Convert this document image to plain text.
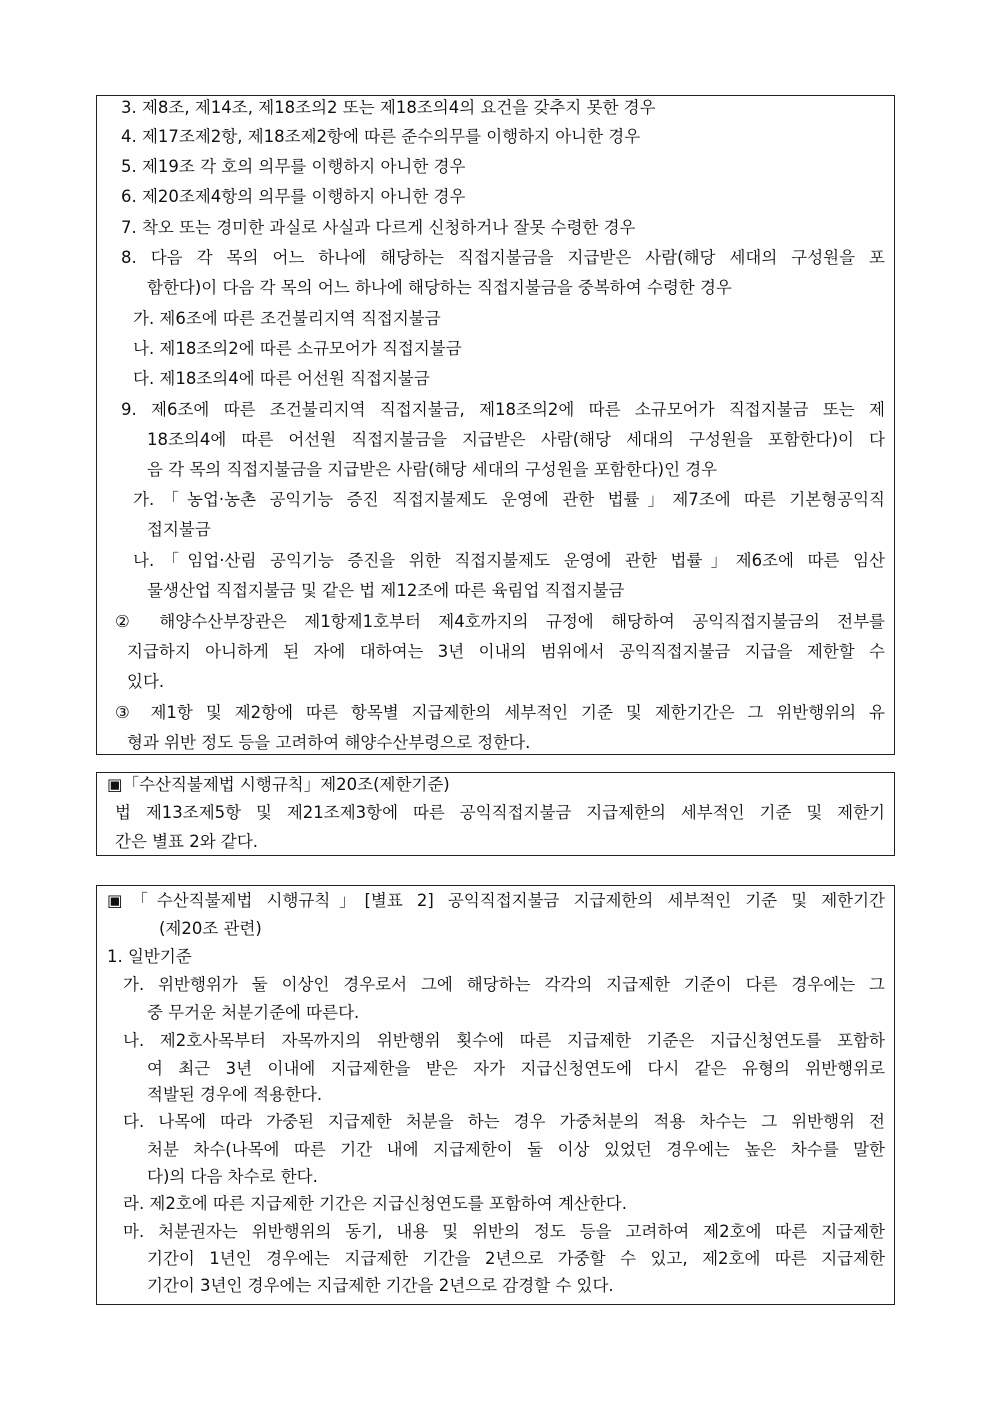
3. 제8조, 제14조, 제18조의2 또는 제18조의4의 요건을 갖추지 못한 경우
4. 제17조제2항, 제18조제2항에 따른 준수의무를 이행하지 아니한 경우
5. 제19조 각 호의 의무를 이행하지 아니한 경우
6. 제20조제4항의 의무를 이행하지 아니한 경우
7. 착오 또는 경미한 과실로 사실과 다르게 신청하거나 잘못 수령한 경우
8. 다음 각 목의 어느 하나에 해당하는 직접지불금을 지급받은 사람(해당 세대의 구성원을 포
함한다)이 다음 각 목의 어느 하나에 해당하는 직접지불금을 중복하여 수령한 경우
가. 제6조에 따른 조건불리지역 직접지불금
나. 제18조의2에 따른 소규모어가 직접지불금
다. 제18조의4에 따른 어선원 직접지불금
9. 제6조에 따른 조건불리지역 직접지불금, 제18조의2에 따른 소규모어가 직접지불금 또는 제
18조의4에 따른 어선원 직접지불금을 지급받은 사람(해당 세대의 구성원을 포함한다)이 다
음 각 목의 직접지불금을 지급받은 사람(해당 세대의 구성원을 포함한다)인 경우
가.「농업·농촌 공익기능 증진 직접지불제도 운영에 관한 법률」제7조에 따른 기본형공익직
접지불금
나.「임업·산림 공익기능 증진을 위한 직접지불제도 운영에 관한 법률」제6조에 따른 임산
물생산업 직접지불금 및 같은 법 제12조에 따른 육림업 직접지불금
② 해양수산부장관은 제1항제1호부터 제4호까지의 규정에 해당하여 공익직접지불금의 전부를
지급하지 아니하게 된 자에 대하여는 3년 이내의 범위에서 공익직접지불금 지급을 제한할 수
있다.
③ 제1항 및 제2항에 따른 항목별 지급제한의 세부적인 기준 및 제한기간은 그 위반행위의 유
형과 위반 정도 등을 고려하여 해양수산부령으로 정한다.
▣「수산직불제법 시행규칙」제20조(제한기준)
법 제13조제5항 및 제21조제3항에 따른 공익직접지불금 지급제한의 세부적인 기준 및 제한기
간은 별표 2와 같다.
▣「수산직불제법 시행규칙」[별표 2] 공익직접지불금 지급제한의 세부적인 기준 및 제한기간
(제20조 관련)
1. 일반기준
가. 위반행위가 둘 이상인 경우로서 그에 해당하는 각각의 지급제한 기준이 다른 경우에는 그
중 무거운 처분기준에 따른다.
나. 제2호사목부터 자목까지의 위반행위 횟수에 따른 지급제한 기준은 지급신청연도를 포함하
여 최근 3년 이내에 지급제한을 받은 자가 지급신청연도에 다시 같은 유형의 위반행위로
적발된 경우에 적용한다.
다. 나목에 따라 가중된 지급제한 처분을 하는 경우 가중처분의 적용 차수는 그 위반행위 전
처분 차수(나목에 따른 기간 내에 지급제한이 둘 이상 있었던 경우에는 높은 차수를 말한
다)의 다음 차수로 한다.
라. 제2호에 따른 지급제한 기간은 지급신청연도를 포함하여 계산한다.
마. 처분권자는 위반행위의 동기, 내용 및 위반의 정도 등을 고려하여 제2호에 따른 지급제한
기간이 1년인 경우에는 지급제한 기간을 2년으로 가중할 수 있고, 제2호에 따른 지급제한
기간이 3년인 경우에는 지급제한 기간을 2년으로 감경할 수 있다.
